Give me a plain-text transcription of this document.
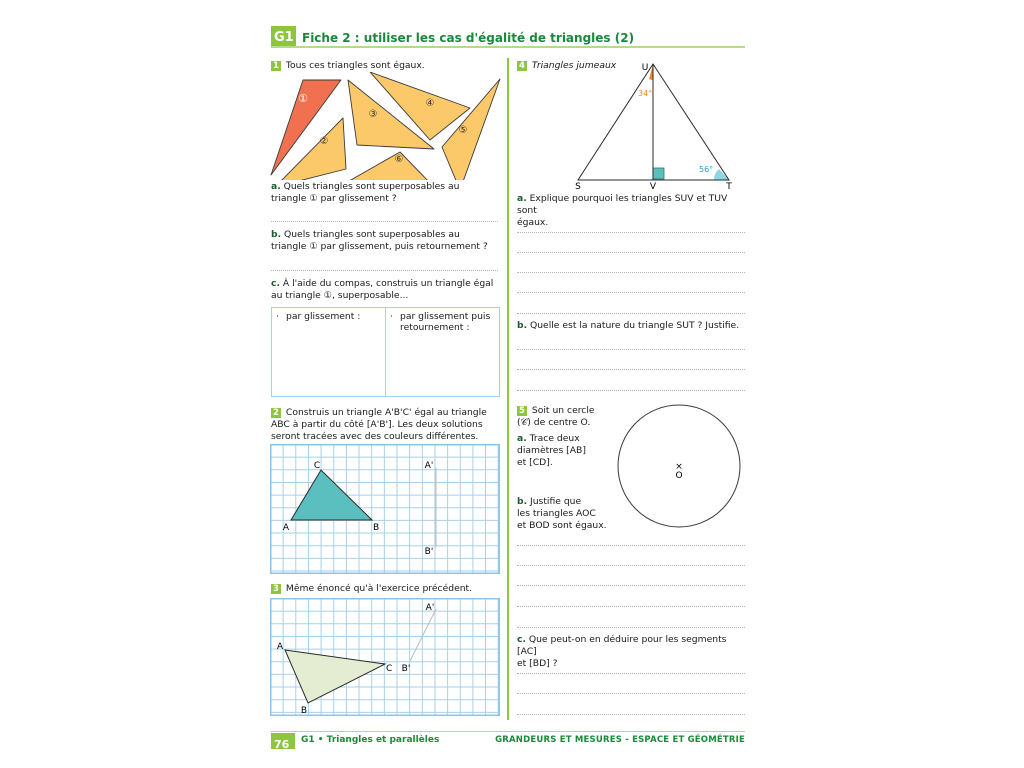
G1 Fiche 2 : utiliser les cas d'égalité de triangles (2)
1 Tous ces triangles sont égaux.
①
②
③
④
⑤
⑥
a. Quels triangles sont superposables au
triangle ① par glissement ?
b. Quels triangles sont superposables au
triangle ① par glissement, puis retournement ?
c. À l'aide du compas, construis un triangle égal
au triangle ①, superposable...
· par glissement :	· par glissement puis
retournement :
2 Construis un triangle A'B'C' égal au triangle
ABC à partir du côté [A'B']. Les deux solutions
seront tracées avec des couleurs différentes.
A	B
C	A'
B'
3 Même énoncé qu'à l'exercice précédent.
A
B
C
A'
B'
4 Triangles jumeaux	U
S	V	T
34°
56°
a. Explique pourquoi les triangles SUV et TUV sont
égaux.
b. Quelle est la nature du triangle SUT ? Justifie.
5 Soit un cercle
(𝒞) de centre O.
a. Trace deux
diamètres [AB]
et [CD].
b. Justifie que
les triangles AOC
et BOD sont égaux.
×
O
c. Que peut-on en déduire pour les segments [AC]
et [BD] ?
76	G1 • Triangles et parallèles	GRANDEURS ET MESURES - ESPACE ET GÉOMÉTRIE
